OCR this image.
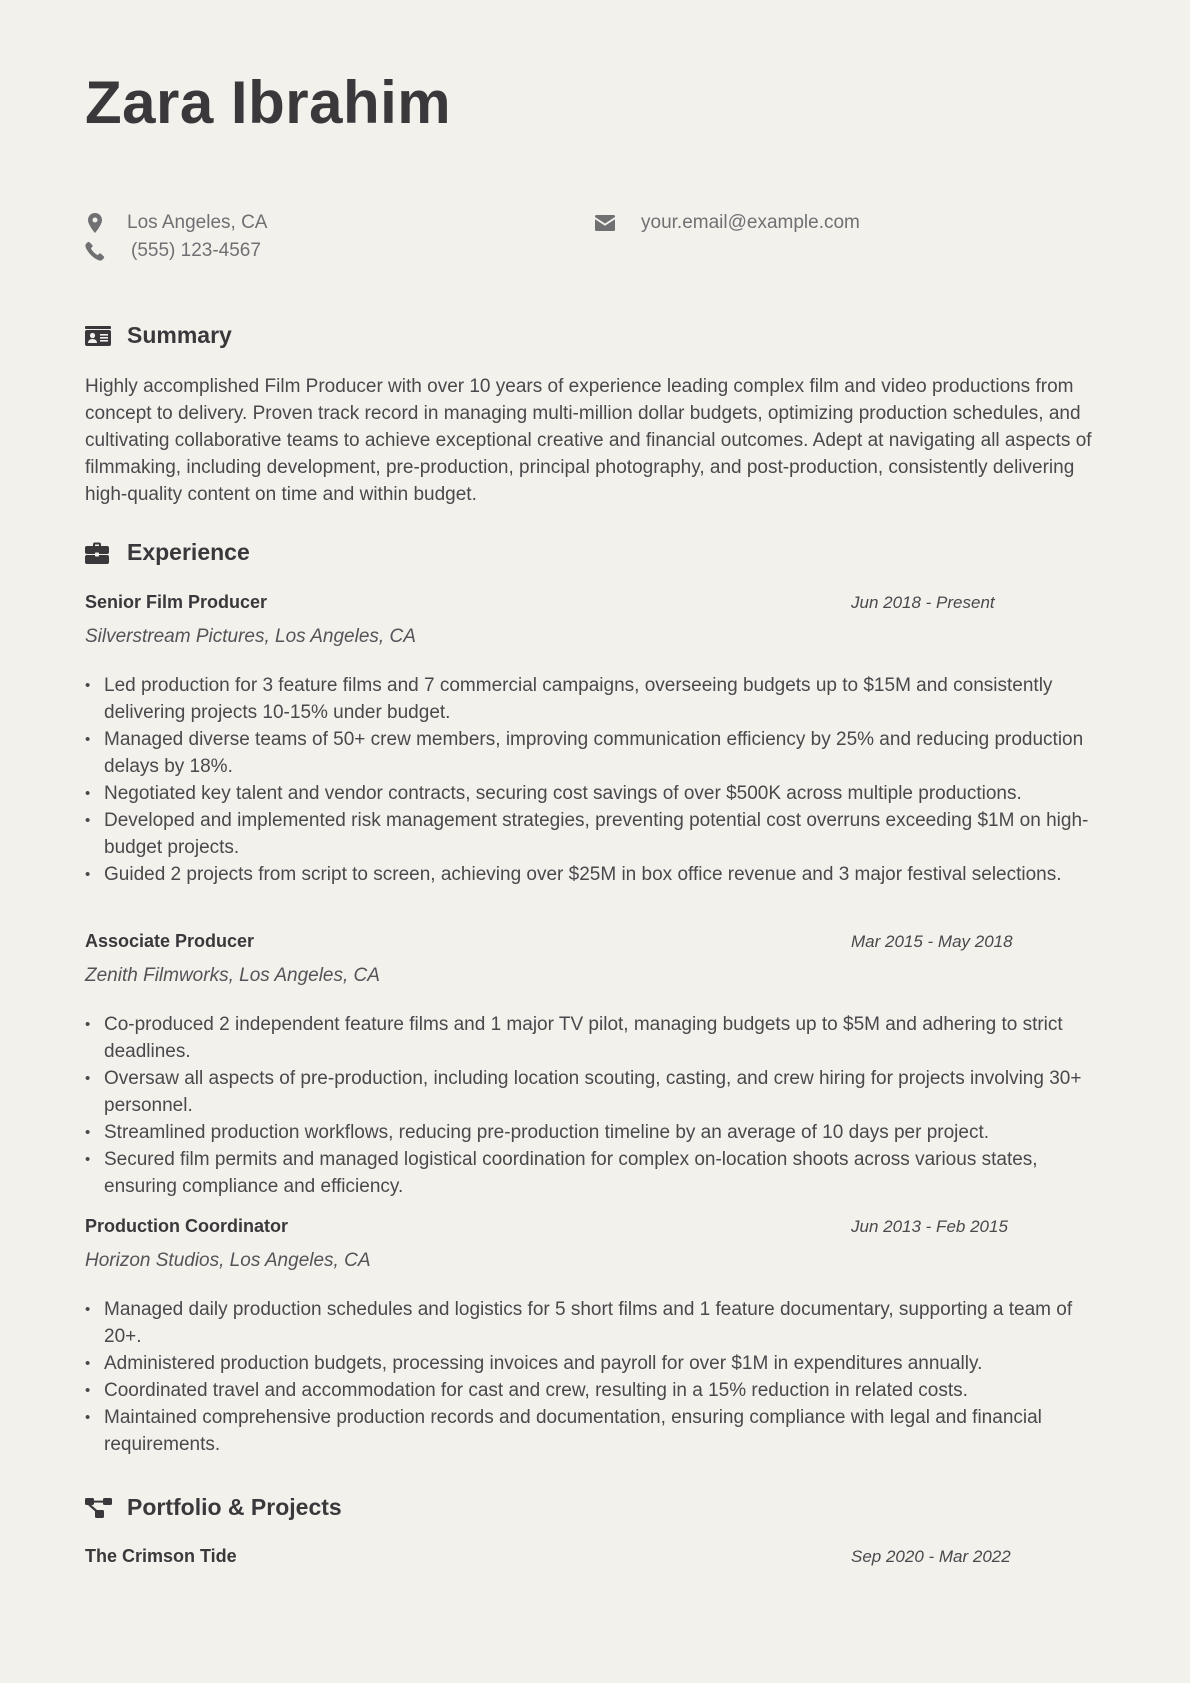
Zara Ibrahim
Los Angeles, CA
(555) 123-4567
your.email@example.com
Summary

Highly accomplished Film Producer with over 10 years of experience leading complex film and video productions from concept to delivery. Proven track record in managing multi-million dollar budgets, optimizing production schedules, and cultivating collaborative teams to achieve exceptional creative and financial outcomes. Adept at navigating all aspects of filmmaking, including development, pre-production, principal photography, and post-production, consistently delivering high-quality content on time and within budget.

Experience
Senior Film Producer	Jun 2018 - Present
Silverstream Pictures, Los Angeles, CA
• Led production for 3 feature films and 7 commercial campaigns, overseeing budgets up to $15M and consistently delivering projects 10-15% under budget.
• Managed diverse teams of 50+ crew members, improving communication efficiency by 25% and reducing production delays by 18%.
• Negotiated key talent and vendor contracts, securing cost savings of over $500K across multiple productions.
• Developed and implemented risk management strategies, preventing potential cost overruns exceeding $1M on high-budget projects.
• Guided 2 projects from script to screen, achieving over $25M in box office revenue and 3 major festival selections.
Associate Producer	Mar 2015 - May 2018
Zenith Filmworks, Los Angeles, CA
• Co-produced 2 independent feature films and 1 major TV pilot, managing budgets up to $5M and adhering to strict deadlines.
• Oversaw all aspects of pre-production, including location scouting, casting, and crew hiring for projects involving 30+ personnel.
• Streamlined production workflows, reducing pre-production timeline by an average of 10 days per project.
• Secured film permits and managed logistical coordination for complex on-location shoots across various states, ensuring compliance and efficiency.
Production Coordinator	Jun 2013 - Feb 2015
Horizon Studios, Los Angeles, CA
• Managed daily production schedules and logistics for 5 short films and 1 feature documentary, supporting a team of 20+.
• Administered production budgets, processing invoices and payroll for over $1M in expenditures annually.
• Coordinated travel and accommodation for cast and crew, resulting in a 15% reduction in related costs.
• Maintained comprehensive production records and documentation, ensuring compliance with legal and financial requirements.
Portfolio & Projects
The Crimson Tide	Sep 2020 - Mar 2022
